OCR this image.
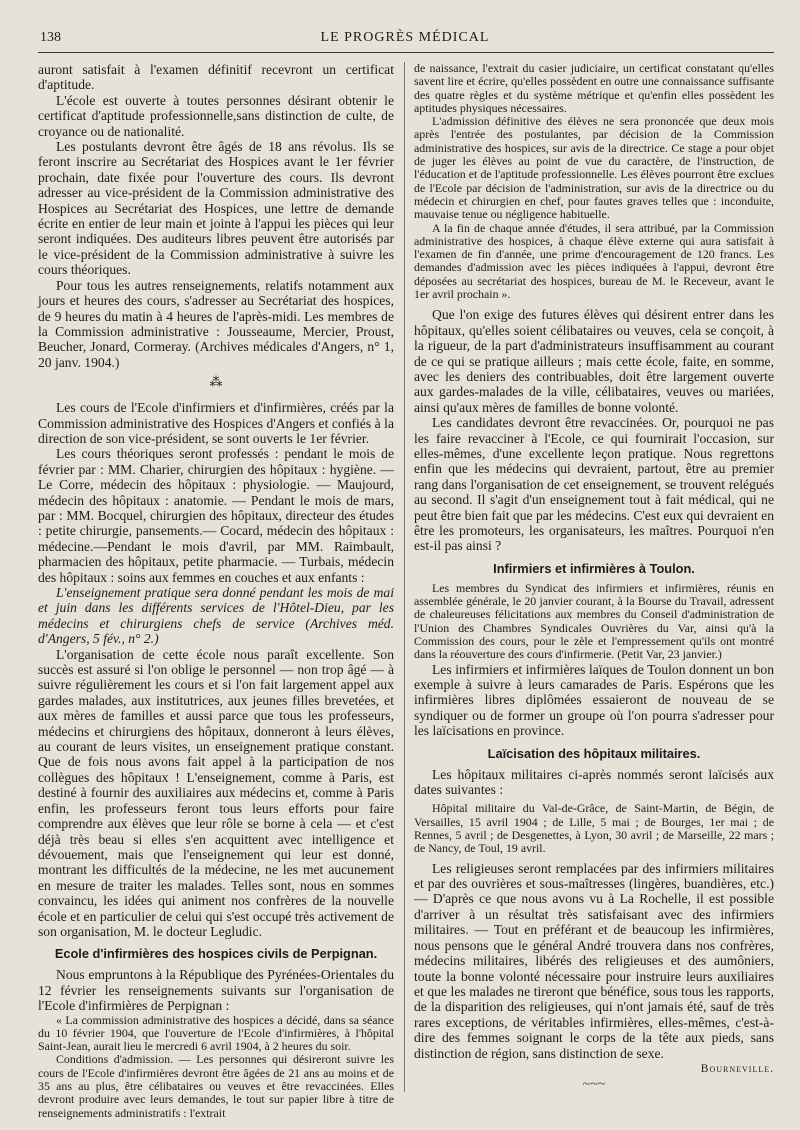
138	LE PROGRÈS MÉDICAL

auront satisfait à l'examen définitif recevront un certificat d'aptitude.

L'école est ouverte à toutes personnes désirant obtenir le certificat d'aptitude professionnelle,sans distinction de culte, de croyance ou de nationalité.

Les postulants devront être âgés de 18 ans révolus. Ils se feront inscrire au Secrétariat des Hospices avant le 1er février prochain, date fixée pour l'ouverture des cours. Ils devront adresser au vice-président de la Commission administrative des Hospices au Secrétariat des Hospices, une lettre de demande écrite en entier de leur main et jointe à l'appui les pièces qui leur seront indiquées. Des auditeurs libres peuvent être autorisés par le vice-président de la Commission administrative à suivre les cours théoriques.

Pour tous les autres renseignements, relatifs notamment aux jours et heures des cours, s'adresser au Secrétariat des hospices, de 9 heures du matin à 4 heures de l'après-midi. Les membres de la Commission administrative : Jousseaume, Mercier, Proust, Beucher, Jonard, Cormeray. (Archives médicales d'Angers, n° 1, 20 janv. 1904.)

⁂

Les cours de l'Ecole d'infirmiers et d'infirmières, créés par la Commission administrative des Hospices d'Angers et confiés à la direction de son vice-président, se sont ouverts le 1er février.

Les cours théoriques seront professés : pendant le mois de février par : MM. Charier, chirurgien des hôpitaux : hygiène. — Le Corre, médecin des hôpitaux : physiologie. — Maujourd, médecin des hôpitaux : anatomie. — Pendant le mois de mars, par : MM. Bocquel, chirurgien des hôpitaux, directeur des études : petite chirurgie, pansements.— Cocard, médecin des hôpitaux : médecine.—Pendant le mois d'avril, par MM. Raimbault, pharmacien des hôpitaux, petite pharmacie. — Turbais, médecin des hôpitaux : soins aux femmes en couches et aux enfants :

L'enseignement pratique sera donné pendant les mois de mai et juin dans les différents services de l'Hôtel-Dieu, par les médecins et chirurgiens chefs de service (Archives méd. d'Angers, 5 fév., n° 2.)

L'organisation de cette école nous paraît excellente. Son succès est assuré si l'on oblige le personnel — non trop âgé — à suivre régulièrement les cours et si l'on fait largement appel aux gardes malades, aux institutrices, aux jeunes filles brevetées, et aux mères de familles et aussi parce que tous les professeurs, médecins et chirurgiens des hôpitaux, donneront à leurs élèves, au courant de leurs visites, un enseignement pratique constant. Que de fois nous avons fait appel à la participation de nos collègues des hôpitaux ! L'enseignement, comme à Paris, est destiné à fournir des auxiliaires aux médecins et, comme à Paris enfin, les professeurs feront tous leurs efforts pour faire comprendre aux élèves que leur rôle se borne à cela — et c'est déjà très beau si elles s'en acquittent avec intelligence et dévouement, mais que l'enseignement qui leur est donné, montrant les difficultés de la médecine, ne les met aucunement en mesure de traiter les malades. Telles sont, nous en sommes convaincu, les idées qui animent nos confrères de la nouvelle école et en particulier de celui qui s'est occupé très activement de son organisation, M. le docteur Legludic.

Ecole d'infirmières des hospices civils de Perpignan.

Nous empruntons à la République des Pyrénées-Orientales du 12 février les renseignements suivants sur l'organisation de l'Ecole d'infirmières de Perpignan :

« La commission administrative des hospices a décidé, dans sa séance du 10 février 1904, que l'ouverture de l'Ecole d'infirmières, à l'hôpital Saint-Jean, aurait lieu le mercredi 6 avril 1904, à 2 heures du soir.

Conditions d'admission. — Les personnes qui désireront suivre les cours de l'Ecole d'infirmières devront être âgées de 21 ans au moins et de 35 ans au plus, être célibataires ou veuves et être revaccinées. Elles devront produire avec leurs demandes, le tout sur papier libre à titre de renseignements administratifs : l'extrait

de naissance, l'extrait du casier judiciaire, un certificat constatant qu'elles savent lire et écrire, qu'elles possèdent en outre une connaissance suffisante des quatre règles et du système métrique et qu'enfin elles possèdent les aptitudes physiques nécessaires.

L'admission définitive des élèves ne sera prononcée que deux mois après l'entrée des postulantes, par décision de la Commission administrative des hospices, sur avis de la directrice. Ce stage a pour objet de juger les élèves au point de vue du caractère, de l'instruction, de l'éducation et de l'aptitude professionnelle. Les élèves pourront être exclues de l'Ecole par décision de l'administration, sur avis de la directrice ou du médecin et chirurgien en chef, pour fautes graves telles que : inconduite, mauvaise tenue ou négligence habituelle.

A la fin de chaque année d'études, il sera attribué, par la Commission administrative des hospices, à chaque élève externe qui aura satisfait à l'examen de fin d'année, une prime d'encouragement de 120 francs. Les demandes d'admission avec les pièces indiquées à l'appui, devront être déposées au secrétariat des hospices, bureau de M. le Receveur, avant le 1er avril prochain ».

Que l'on exige des futures élèves qui désirent entrer dans les hôpitaux, qu'elles soient célibataires ou veuves, cela se conçoit, à la rigueur, de la part d'administrateurs insuffisamment au courant de ce qui se pratique ailleurs ; mais cette école, faite, en somme, avec les deniers des contribuables, doit être largement ouverte aux gardes-malades de la ville, célibataires, veuves ou mariées, ainsi qu'aux mères de familles de bonne volonté.

Les candidates devront être revaccinées. Or, pourquoi ne pas les faire revacciner à l'Ecole, ce qui fournirait l'occasion, sur elles-mêmes, d'une excellente leçon pratique. Nous regrettons enfin que les médecins qui devraient, partout, être au premier rang dans l'organisation de cet enseignement, se trouvent relégués au second. Il s'agit d'un enseignement tout à fait médical, qui ne peut être bien fait que par les médecins. C'est eux qui devraient en être les promoteurs, les organisateurs, les maîtres. Pourquoi n'en est-il pas ainsi ?

Infirmiers et infirmières à Toulon.

Les membres du Syndicat des infirmiers et infirmières, réunis en assemblée générale, le 20 janvier courant, à la Bourse du Travail, adressent de chaleureuses félicitations aux membres du Conseil d'administration de l'Union des Chambres Syndicales Ouvrières du Var, ainsi qu'à la Commission des cours, pour le zèle et l'empressement qu'ils ont montré dans la réouverture des cours d'infirmerie. (Petit Var, 23 janvier.)

Les infirmiers et infirmières laïques de Toulon donnent un bon exemple à suivre à leurs camarades de Paris. Espérons que les infirmières libres diplômées essaieront de nouveau de se syndiquer ou de former un groupe où l'on pourra s'adresser pour les laïcisations en province.

Laïcisation des hôpitaux militaires.

Les hôpitaux militaires ci-après nommés seront laïcisés aux dates suivantes :

Hôpital militaire du Val-de-Grâce, de Saint-Martin, de Bégin, de Versailles, 15 avril 1904 ; de Lille, 5 mai ; de Bourges, 1er mai ; de Rennes, 5 avril ; de Desgenettes, à Lyon, 30 avril ; de Marseille, 22 mars ; de Nancy, de Toul, 19 avril.

Les religieuses seront remplacées par des infirmiers militaires et par des ouvrières et sous-maîtresses (lingères, buandières, etc.) — D'après ce que nous avons vu à La Rochelle, il est possible d'arriver à un résultat très satisfaisant avec des infirmiers militaires. — Tout en préférant et de beaucoup les infirmières, nous pensons que le général André trouvera dans nos confrères, médecins militaires, libérés des religieuses et des aumôniers, toute la bonne volonté nécessaire pour instruire leurs auxiliaires et que les malades ne tireront que bénéfice, sous tous les rapports, de la disparition des religieuses, qui n'ont jamais été, sauf de très rares exceptions, de véritables infirmières, elles-mêmes, c'est-à-dire des femmes soignant le corps de la tête aux pieds, sans distinction de région, sans distinction de sexe.

Bourneville.

~~~
